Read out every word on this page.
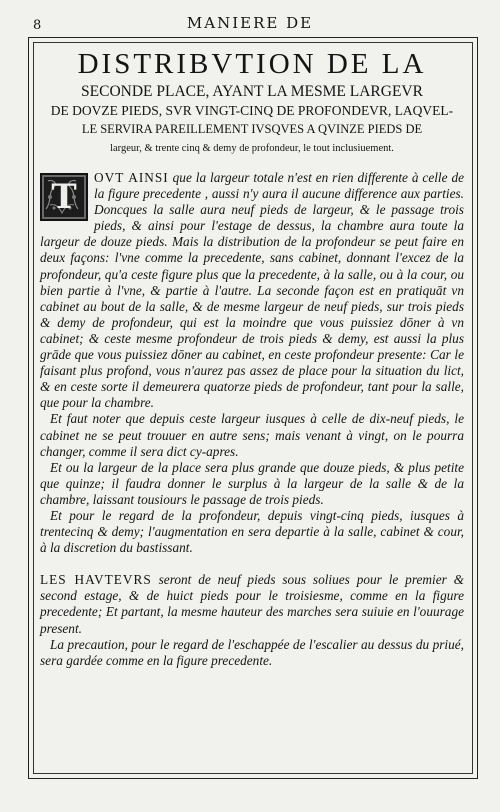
8	MANIERE DE
DISTRIBVTION DE LA
SECONDE PLACE, AYANT LA MESME LARGEVR
DE DOVZE PIEDS, SVR VINGT-CINQ DE PROFONDEVR, LAQVEL-
LE SERVIRA PAREILLEMENT IVSQVES A QVINZE PIEDS DE
largeur, & trente cinq & demy de profondeur, le tout inclusiuement.

T	OVT AINSI que la largeur totale n'est en rien differente à celle de la figure precedente , aussi n'y aura il aucune difference aux parties. Doncques la salle aura neuf pieds de largeur, & le passage trois pieds, & ainsi pour l'estage de dessus, la chambre aura toute la largeur de douze pieds. Mais la distribution de la profondeur se peut faire en deux façons: l'vne comme la precedente, sans cabinet, donnant l'excez de la profondeur, qu'a ceste figure plus que la precedente, à la salle, ou à la cour, ou bien partie à l'vne, & partie à l'autre. La seconde façon est en pratiquāt vn cabinet au bout de la salle, & de mesme largeur de neuf pieds, sur trois pieds & demy de profondeur, qui est la moindre que vous puissiez dōner à vn cabinet; & ceste mesme profondeur de trois pieds & demy, est aussi la plus grāde que vous puissiez dōner au cabinet, en ceste profondeur presente: Car le faisant plus profond, vous n'aurez pas assez de place pour la situation du lict, & en ceste sorte il demeurera quatorze pieds de profondeur, tant pour la salle, que pour la chambre.

Et faut noter que depuis ceste largeur iusques à celle de dix-neuf pieds, le cabinet ne se peut trouuer en autre sens; mais venant à vingt, on le pourra changer, comme il sera dict cy-apres.

Et ou la largeur de la place sera plus grande que douze pieds, & plus petite que quinze; il faudra donner le surplus à la largeur de la salle & de la chambre, laissant tousiours le passage de trois pieds.

Et pour le regard de la profondeur, depuis vingt-cinq pieds, iusques à trentecinq & demy; l'augmentation en sera departie à la salle, cabinet & cour, à la discretion du bastissant.

LES HAVTEVRS seront de neuf pieds sous soliues pour le premier & second estage, & de huict pieds pour le troisiesme, comme en la figure precedente; Et partant, la mesme hauteur des marches sera suiuie en l'ouurage present.

La precaution, pour le regard de l'eschappée de l'escalier au dessus du priué, sera gardée comme en la figure precedente.
